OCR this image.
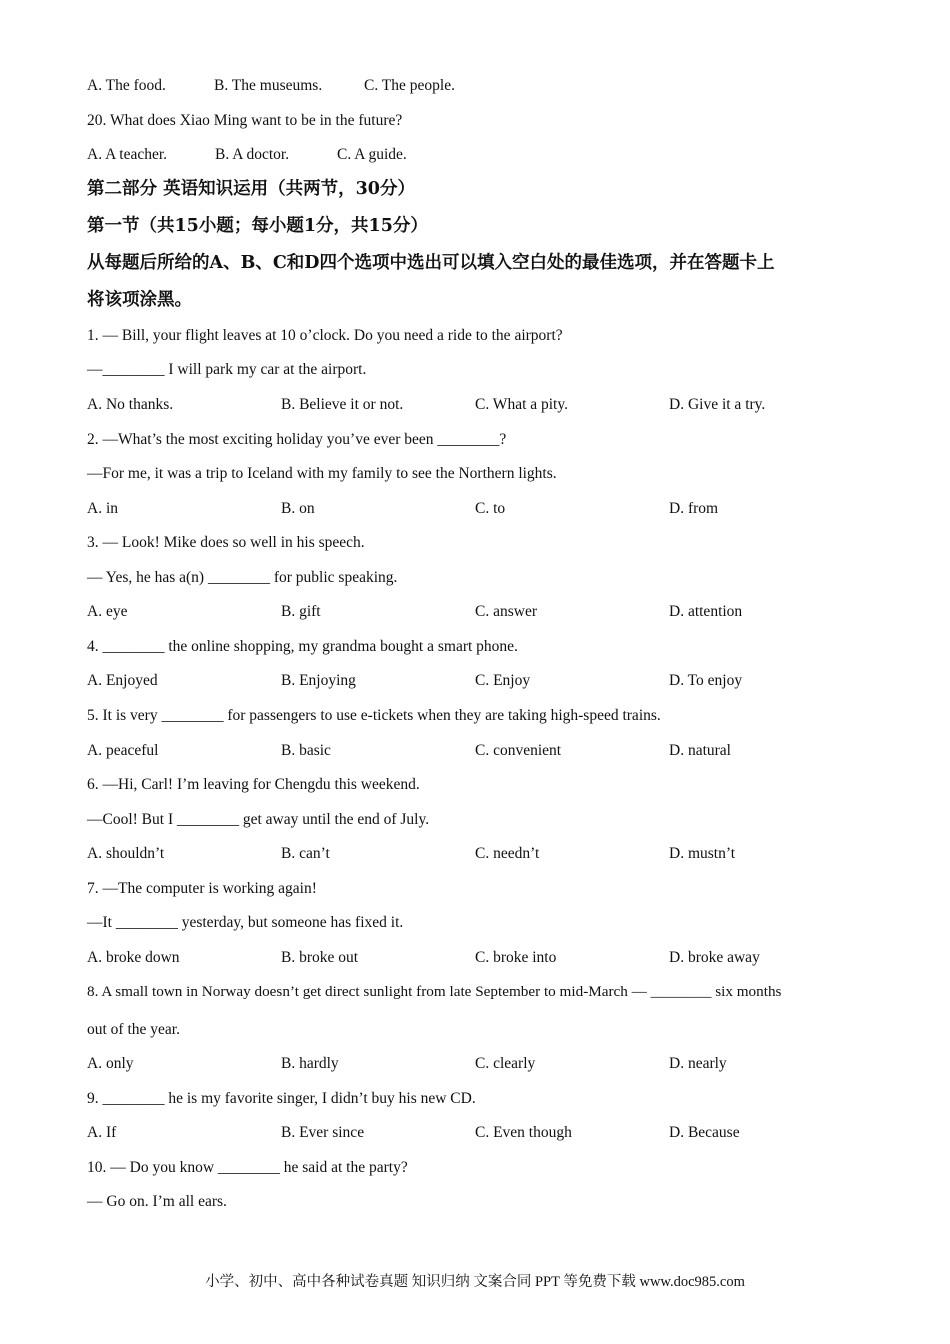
A. The food.	B. The museums.	C. The people.
20. What does Xiao Ming want to be in the future?
A. A teacher.	B. A doctor.	C. A guide.
第二部分 英语知识运用（共两节，30分）
第一节（共15小题；每小题1分，共15分）
从每题后所给的A、B、C和D四个选项中选出可以填入空白处的最佳选项，并在答题卡上
将该项涂黑。
1. — Bill, your flight leaves at 10 o’clock. Do you need a ride to the airport?
—________ I will park my car at the airport.
A. No thanks.	B. Believe it or not.	C. What a pity.	D. Give it a try.
2. —What’s the most exciting holiday you’ve ever been ________?
—For me, it was a trip to Iceland with my family to see the Northern lights.
A. in	B. on	C. to	D. from
3. — Look! Mike does so well in his speech.
— Yes, he has a(n) ________ for public speaking.
A. eye	B. gift	C. answer	D. attention
4. ________ the online shopping, my grandma bought a smart phone.
A. Enjoyed	B. Enjoying	C. Enjoy	D. To enjoy
5. It is very ________ for passengers to use e-tickets when they are taking high-speed trains.
A. peaceful	B. basic	C. convenient	D. natural
6. —Hi, Carl! I’m leaving for Chengdu this weekend.
—Cool! But I ________ get away until the end of July.
A. shouldn’t	B. can’t	C. needn’t	D. mustn’t
7. —The computer is working again!
—It ________ yesterday, but someone has fixed it.
A. broke down	B. broke out	C. broke into	D. broke away
8. A small town in Norway doesn’t get direct sunlight from late September to mid-March — ________ six months
out of the year.
A. only	B. hardly	C. clearly	D. nearly
9. ________ he is my favorite singer, I didn’t buy his new CD.
A. If	B. Ever since	C. Even though	D. Because
10. — Do you know ________ he said at the party?
— Go on. I’m all ears.
小学、初中、高中各种试卷真题 知识归纳 文案合同 PPT 等免费下载 www.doc985.com
